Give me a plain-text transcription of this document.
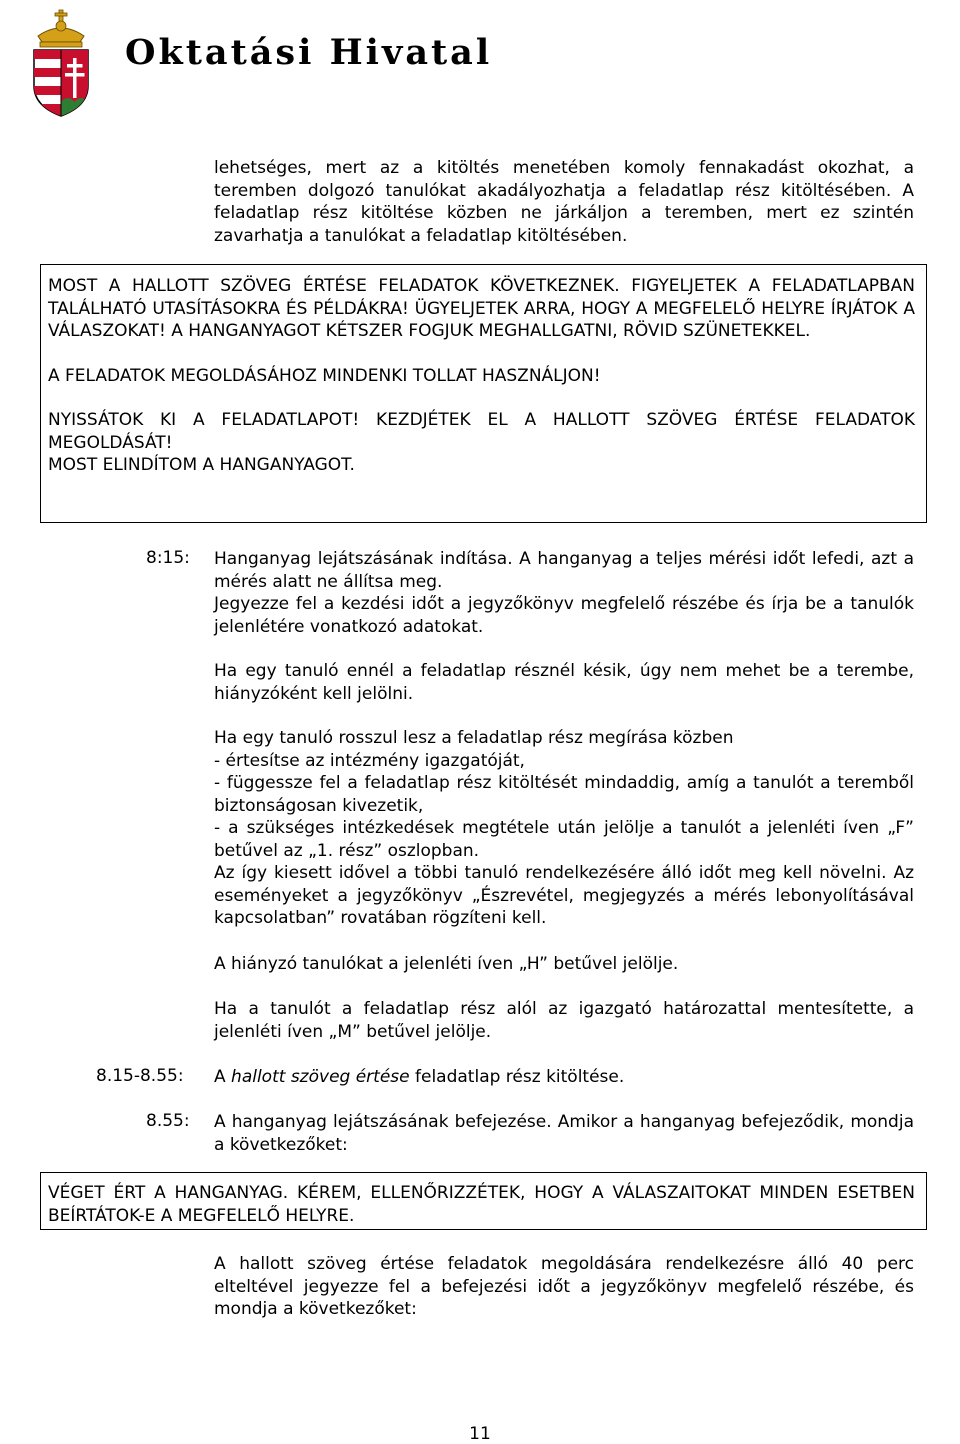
Oktatási Hivatal

lehetséges, mert az a kitöltés menetében komoly fennakadást okozhat, a teremben dolgozó tanulókat akadályozhatja a feladatlap rész kitöltésében. A feladatlap rész kitöltése közben ne járkáljon a teremben, mert ez szintén zavarhatja a tanulókat a feladatlap kitöltésében.

MOST A HALLOTT SZÖVEG ÉRTÉSE FELADATOK KÖVETKEZNEK. FIGYELJETEK A FELADATLAPBAN TALÁLHATÓ UTASÍTÁSOKRA ÉS PÉLDÁKRA! ÜGYELJETEK ARRA, HOGY A MEGFELELŐ HELYRE ÍRJÁTOK A VÁLASZOKAT! A HANGANYAGOT KÉTSZER FOGJUK MEGHALLGATNI, RÖVID SZÜNETEKKEL.

A FELADATOK MEGOLDÁSÁHOZ MINDENKI TOLLAT HASZNÁLJON!

NYISSÁTOK KI A FELADATLAPOT! KEZDJÉTEK EL A HALLOTT SZÖVEG ÉRTÉSE FELADATOK MEGOLDÁSÁT!

MOST ELINDÍTOM A HANGANYAGOT.

8:15: Hanganyag lejátszásának indítása. A hanganyag a teljes mérési időt lefedi, azt a mérés alatt ne állítsa meg.

Jegyezze fel a kezdési időt a jegyzőkönyv megfelelő részébe és írja be a tanulók jelenlétére vonatkozó adatokat.

Ha egy tanuló ennél a feladatlap résznél késik, úgy nem mehet be a terembe, hiányzóként kell jelölni.

Ha egy tanuló rosszul lesz a feladatlap rész megírása közben

- értesítse az intézmény igazgatóját,

- függessze fel a feladatlap rész kitöltését mindaddig, amíg a tanulót a teremből biztonságosan kivezetik,

- a szükséges intézkedések megtétele után jelölje a tanulót a jelenléti íven „F” betűvel az „1. rész” oszlopban.

Az így kiesett idővel a többi tanuló rendelkezésére álló időt meg kell növelni. Az eseményeket a jegyzőkönyv „Észrevétel, megjegyzés a mérés lebonyolításával kapcsolatban” rovatában rögzíteni kell.

A hiányzó tanulókat a jelenléti íven „H” betűvel jelölje.

Ha a tanulót a feladatlap rész alól az igazgató határozattal mentesítette, a jelenléti íven „M” betűvel jelölje.

8.15-8.55: A hallott szöveg értése feladatlap rész kitöltése.

8.55: A hanganyag lejátszásának befejezése. Amikor a hanganyag befejeződik, mondja a következőket:

VÉGET ÉRT A HANGANYAG. KÉREM, ELLENŐRIZZÉTEK, HOGY A VÁLASZAITOKAT MINDEN ESETBEN BEÍRTÁTOK-E A MEGFELELŐ HELYRE.

A hallott szöveg értése feladatok megoldására rendelkezésre álló 40 perc elteltével jegyezze fel a befejezési időt a jegyzőkönyv megfelelő részébe, és mondja a következőket:

11
